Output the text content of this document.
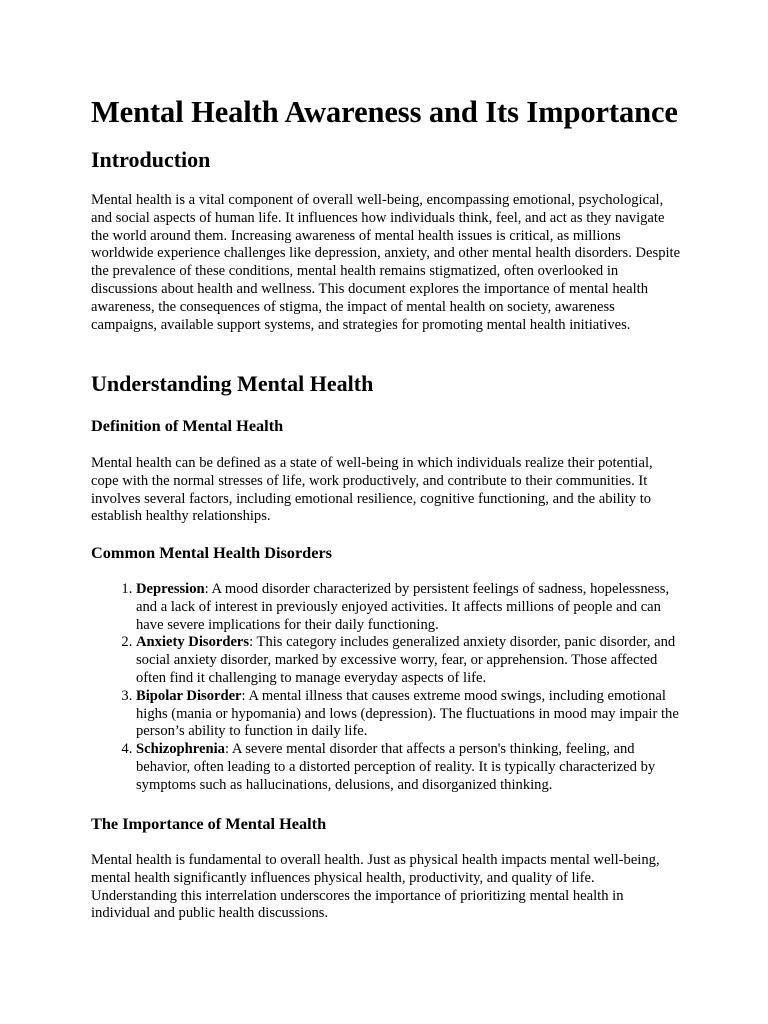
Mental Health Awareness and Its Importance
Introduction

Mental health is a vital component of overall well-being, encompassing emotional, psychological, and social aspects of human life. It influences how individuals think, feel, and act as they navigate the world around them. Increasing awareness of mental health issues is critical, as millions worldwide experience challenges like depression, anxiety, and other mental health disorders. Despite the prevalence of these conditions, mental health remains stigmatized, often overlooked in discussions about health and wellness. This document explores the importance of mental health awareness, the consequences of stigma, the impact of mental health on society, awareness campaigns, available support systems, and strategies for promoting mental health initiatives.

Understanding Mental Health
Definition of Mental Health

Mental health can be defined as a state of well-being in which individuals realize their potential, cope with the normal stresses of life, work productively, and contribute to their communities. It involves several factors, including emotional resilience, cognitive functioning, and the ability to establish healthy relationships.

Common Mental Health Disorders
1. Depression: A mood disorder characterized by persistent feelings of sadness, hopelessness, and a lack of interest in previously enjoyed activities. It affects millions of people and can have severe implications for their daily functioning.
2. Anxiety Disorders: This category includes generalized anxiety disorder, panic disorder, and social anxiety disorder, marked by excessive worry, fear, or apprehension. Those affected often find it challenging to manage everyday aspects of life.
3. Bipolar Disorder: A mental illness that causes extreme mood swings, including emotional highs (mania or hypomania) and lows (depression). The fluctuations in mood may impair the person’s ability to function in daily life.
4. Schizophrenia: A severe mental disorder that affects a person's thinking, feeling, and behavior, often leading to a distorted perception of reality. It is typically characterized by symptoms such as hallucinations, delusions, and disorganized thinking.
The Importance of Mental Health

Mental health is fundamental to overall health. Just as physical health impacts mental well-being, mental health significantly influences physical health, productivity, and quality of life. Understanding this interrelation underscores the importance of prioritizing mental health in individual and public health discussions.
